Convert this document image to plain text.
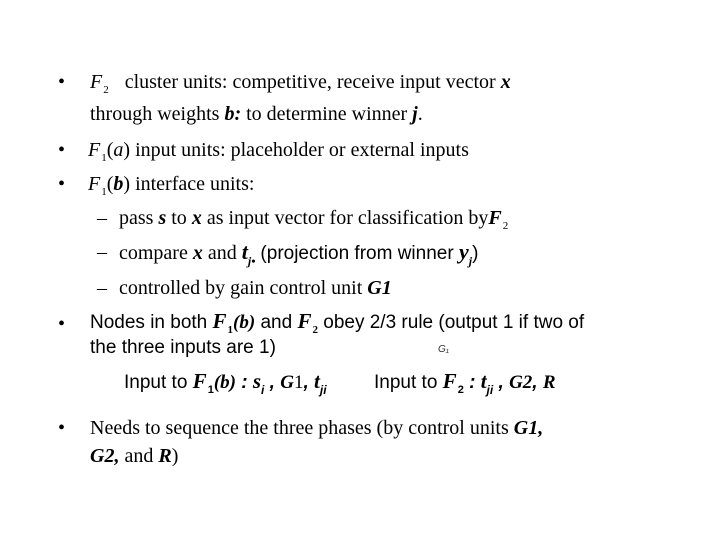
• $F_2$ cluster units: competitive, receive input vector x
through weights b: to determine winner j.
• $F_1(a)$ input units: placeholder or external inputs
• $F_1(b)$ interface units:
– pass s to x as input vector for classification byF$_2$
– compare x and $t_{j•}$ (projection from winner $y_j$)
– controlled by gain control unit G1
• Nodes in both $F_1(b)$ and $F_2$ obey 2/3 rule (output 1 if two of
the three inputs are 1)	G₁
Input to $F_1(b)$ : $s_i$ , G1, $t_{ji}$ Input to $F_2$ : $t_{ji}$ , G2, R
• Needs to sequence the three phases (by control units G1,
G2, and R)
